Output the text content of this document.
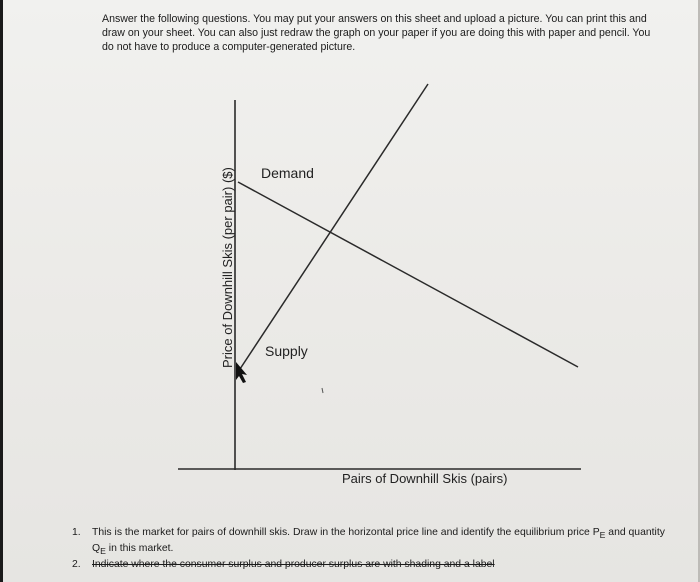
Answer the following questions. You may put your answers on this sheet and upload a picture. You can print this and draw on your sheet. You can also just redraw the graph on your paper if you are doing this with paper and pencil. You do not have to produce a computer-generated picture.

Price of Downhill Skis (per pair) ($)
Pairs of Downhill Skis (pairs)
Demand
Supply
1.	This is the market for pairs of downhill skis. Draw in the horizontal price line and identify the equilibrium price $P_E$ and quantity $Q_E$ in this market.
2. Indicate where the consumer surplus and producer surplus are with shading and a label
